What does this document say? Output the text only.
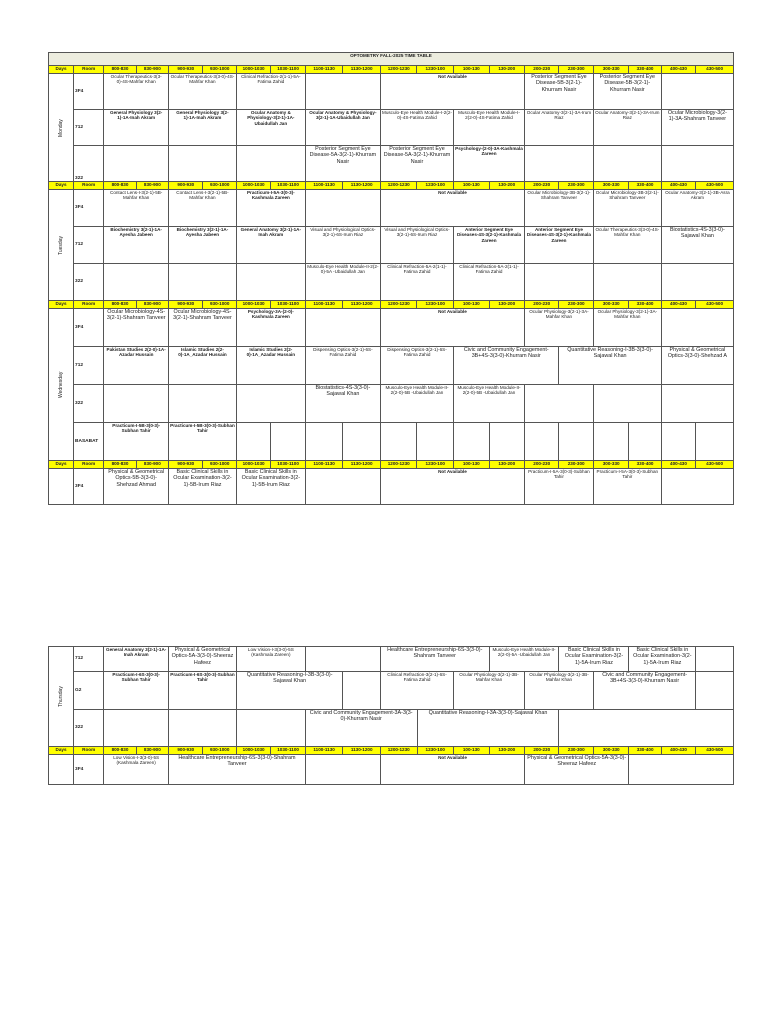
OPTOMETRY FALL-2025 TIME TABLE																			
Days	Room	800-830	830-900	900-930	930-1000	1000-1030	1030-1100	1100-1130	1130-1200	1200-1230	1230-100	100-130	130-200	200-230	230-300	300-330	330-400	400-430	430-500
Monday	3F4	Ocular Therapeutics-3(3-0)-4S-Mahfar Khan		Ocular Therapeutics-3(3-0)-4S-Mahfar Khan		Clinical Refraction-2(1-1)-5A-Fatima Zahid				Not Available				Posterior Segment Eye Disease-5B-3(2-1)-Khurram Nasir		Posterior Segment Eye Disease-5B-3(2-1)-Khurram Nasir			
	712	General Physiology 3(2-1)-1A-Inah Akram		General Physiology 3(2-1)-1A-Inah Akram		Ocular Anatomy & Physiology-3(2-1)-1A-Ubaidullah Jan		Ocular Anatomy & Physiology-3(2-1)-1A-Ubaidullah Jan		Musculo-Eye Health Module-I-2(2-0)-4S-Fatima Zahid		Musculo-Eye Health Module-I-2(2-0)-4S-Fatima Zahid		Ocular Anatomy-3(2-1)-3A-Irum Riaz		Ocular Anatomy-3(2-1)-3A-Irum Riaz		Ocular Microbiology-3(2-1)-3A-Shahram Tanveer	
	322							Posterior Segment Eye Disease-5A-3(2-1)-Khurram Nasir		Posterior Segment Eye Disease-5A-3(2-1)-Khurram Nasir		Psychology-(2-0)-3A-Kashmala Zareen							
Days	Room	800-830	830-900	900-930	930-1000	1000-1030	1030-1100	1100-1130	1130-1200	1200-1230	1230-100	100-130	130-200	200-230	230-300	300-330	330-400	400-430	430-500
Tuesday	3F4	Contact Lens-I-3(2-1)-5B-Mahfar Khan		Contact Lens-I-3(2-1)-5B-Mahfar Khan		Practicum-I-5A-3(0-3)-Kashmala Zareen				Not Available				Ocular Microbiology-3B-3(2-1)-Shahram Tanveer		Ocular Microbiology-3B-3(2-1)-Shahram Tanveer		Ocular Anatomy-3(2-1)-3B-Asra Akram	
	712	Biochemistry 3(2-1)-1A-Ayesha Jabeen		Biochemistry 3(2-1)-1A-Ayesha Jabeen		General Anatomy 3(2-1)-1A-Inah Akram		Visual and Physiological Optics-3(2-1)-6S-Irum Riaz		Visual and Physiological Optics-3(2-1)-6S-Irum Riaz		Anterior Segment Eye Diseases-4S-3(2-1)-Kashmala Zareen		Anterior Segment Eye Diseases-4S-3(2-1)-Kashmala Zareen		Ocular Therapeutics-3(3-0)-4S-Mahfar Khan		Biostatistics-4S-3(3-0)-Sajawal Khan	
	322							Musculo-Eye Health Module-II-2(2-0)-5A -Ubaidullah Jan		Clinical Refraction-5A-2(1-1)-Fatima Zahid		Clinical Refraction-5A-2(1-1)-Fatima Zahid							
Days	Room	800-830	830-900	900-930	930-1000	1000-1030	1030-1100	1100-1130	1130-1200	1200-1230	1230-100	100-130	130-200	200-230	230-300	300-330	330-400	400-430	430-500
Wednesday	3F4	Ocular Microbiology-4S-3(2-1)-Shahram Tanveer		Ocular Microbiology-4S-3(2-1)-Shahram Tanveer		Psychology-3A-(2-0)-Kashmala Zareen				Not Available				Ocular Physiology-3(2-1)-3A-Mahfar Khan		Ocular Physiology-3(2-1)-3A-Mahfar Khan			
	712	Pakistan Studies 2(2-0)-1A-Azadar Hussain		Islamic Studies 2(2-0)-1A_Azadar Hussain		Islamic Studies 2(2-0)-1A_Azadar Hussain		Dispensing Optics-3(2-1)-6S-Fatima Zahid		Dispensing Optics-3(2-1)-6S-Fatima Zahid		Civic and Community Engagement-3B+4S-3(3-0)-Khurram Nasir			Quantitative Reasoning-I-3B-3(3-0)-Sajawal Khan			Physical & Geometrical Optics-3(3-0)-Shehzad A	
	322							Biostatistics-4S-3(3-0)-Sajawal Khan		Musculo-Eye Health Module-II-2(2-0)-5B -Ubaidullah Jan		Musculo-Eye Health Module-II-2(2-0)-5B -Ubaidullah Jan							
	BASABAT	Practicum-I-5B-3(0-3)-Subhan Tahir		Practicum-I-5B-3(0-3)-Subhan Tahir															
Days	Room	800-830	830-900	900-930	930-1000	1000-1030	1030-1100	1100-1130	1130-1200	1200-1230	1230-100	100-130	130-200	200-230	230-300	300-330	330-400	400-430	430-500
	3F4	Physical & Geometrical Optics-5B-3(3-0)-Shehzad Ahmad		Basic Clinical Skills in Ocular Examination-3(2-1)-5B-Irum Riaz		Basic Clinical Skills in Ocular Examination-3(2-1)-5B-Irum Riaz				Not Available				Practicum-I-5A-3(0-3)-Subhan Tahir		Practicum-I-5A-3(0-3)-Subhan Tahir			
Thursday	712	General Anatomy 3(2-1)-1A-Inah Akram		Physical & Geometrical Optics-5A-3(3-0)-Sheeraz Hafeez		Low Vision-I-3(3-0)-5S (Kashmala Zareen)				Healthcare Entrepreneurship-6S-3(3-0)-Shahram Tanveer			Musculo-Eye Health Module-II-2(2-0)-5A -Ubaidullah Jan		Basic Clinical Skills in Ocular Examination-3(2-1)-5A-Irum Riaz		Basic Clinical Skills in Ocular Examination-3(2-1)-5A-Irum Riaz		
	G2	Practicum-I-6S-3(0-3)-Subhan Tahir		Practicum-I-6S-3(0-3)-Subhan Tahir		Quantitative Reasoning-I-3B-3(3-0)-Sajawal Khan				Clinical Refraction-3(2-1)-6S-Fatima Zahid		Ocular Physiology-3(2-1)-3B-Mahfar Khan		Ocular Physiology-3(2-1)-3B-Mahfar Khan		Civic and Community Engagement-3B+4S-3(3-0)-Khurram Nasir			
	322							Civic and Community Engagement-3A-3(3-0)-Khurram Nasir			Quantitative Reasoning-I-3A-3(3-0)-Sajawal Khan								
Days	Room	800-830	830-900	900-930	930-1000	1000-1030	1030-1100	1100-1130	1130-1200	1200-1230	1230-100	100-130	130-200	200-230	230-300	300-330	330-400	400-430	430-500
	3F4	Low Vision-I-3(3-0)-5S (Kashmala Zareen)		Healthcare Entrepreneurship-6S-3(3-0)-Shahram Tanveer						Not Available				Physical & Geometrical Optics-5A-3(3-0)-Sheeraz Hafeez					
